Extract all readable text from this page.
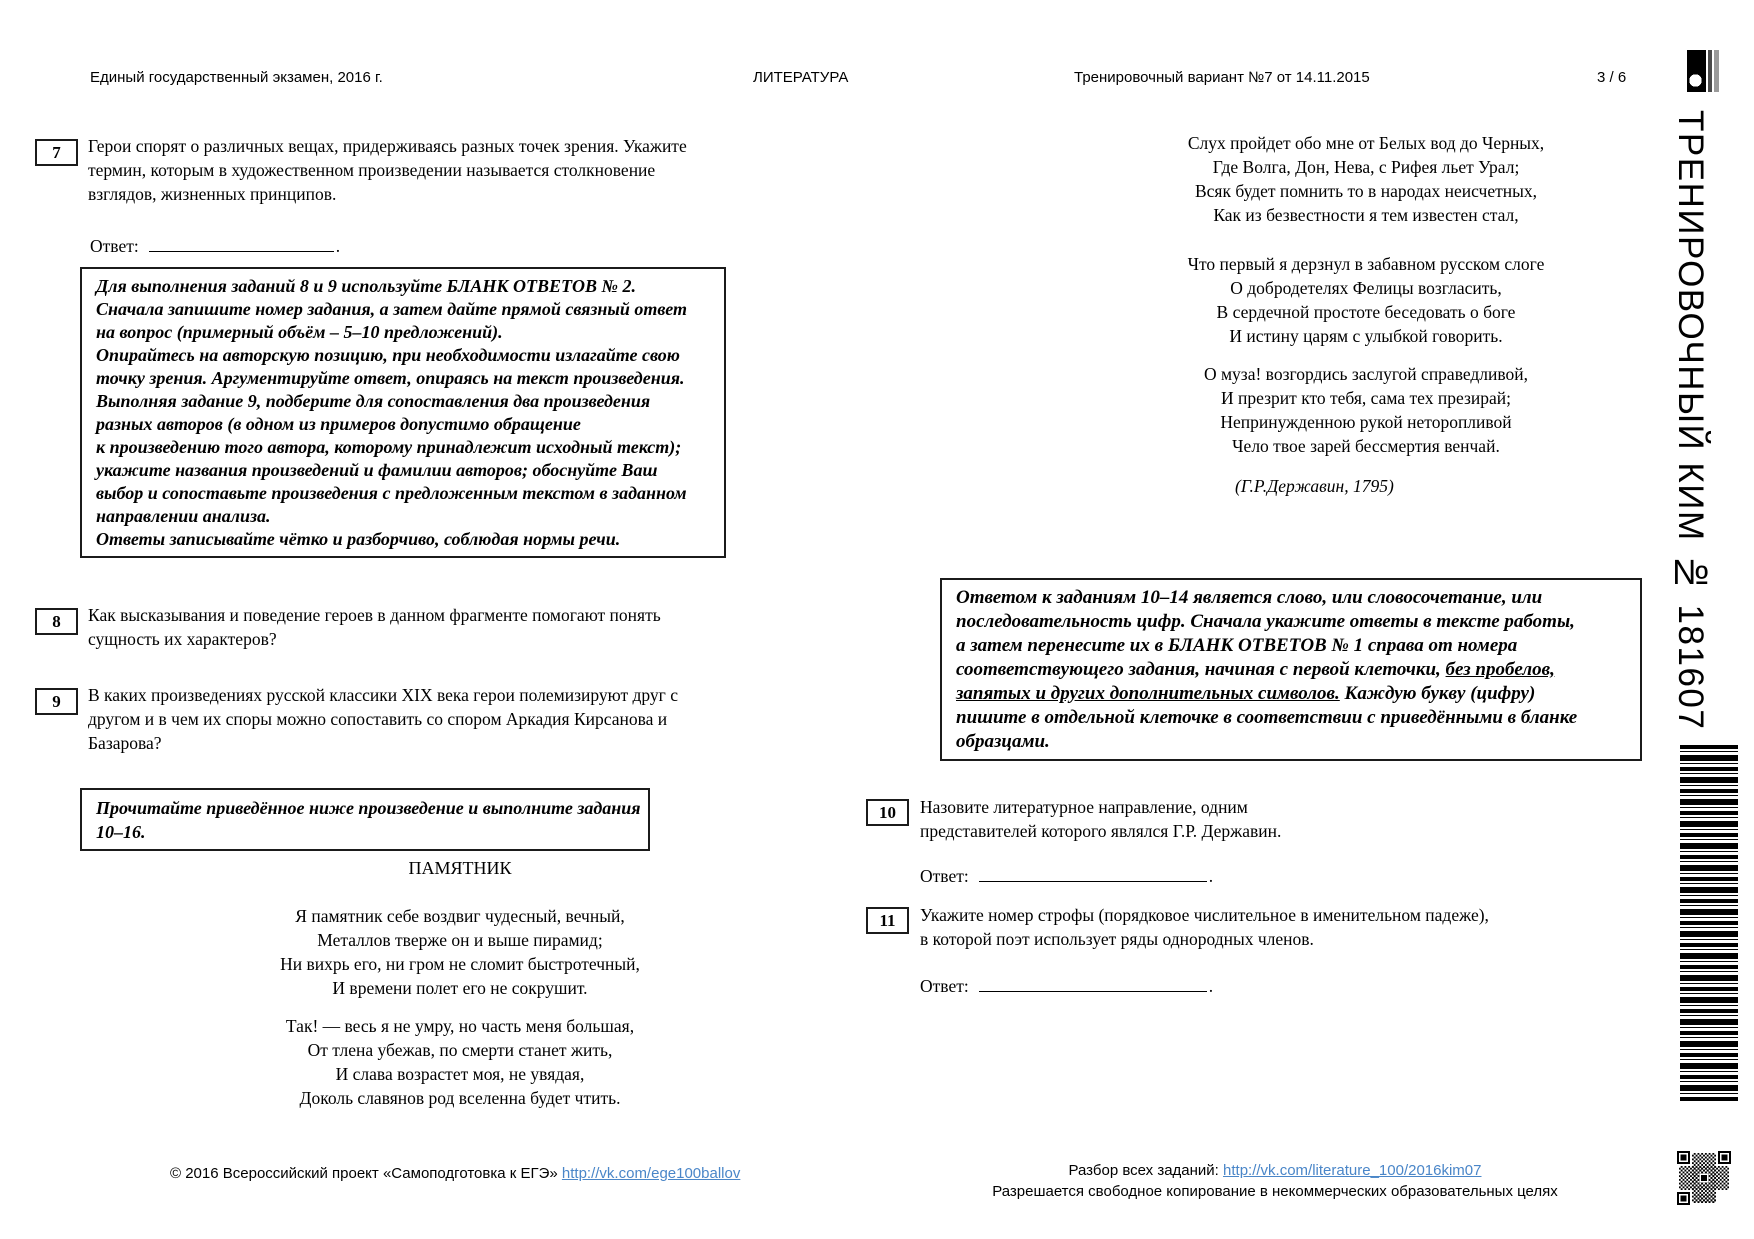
Единый государственный экзамен, 2016 г.	ЛИТЕРАТУРА	Тренировочный вариант №7 от 14.11.2015	3 / 6
ТРЕНИРОВОЧНЫЙ КИМ № 181607
7	Герои спорят о различных вещах, придерживаясь разных точек зрения. Укажите
термин, которым в художественном произведении называется столкновение
взглядов, жизненных принципов.
Ответ:	.
Для выполнения заданий 8 и 9 используйте БЛАНК ОТВЕТОВ № 2.
Сначала запишите номер задания, а затем дайте прямой связный ответ
на вопрос (примерный объём – 5–10 предложений).
Опирайтесь на авторскую позицию, при необходимости излагайте свою
точку зрения. Аргументируйте ответ, опираясь на текст произведения.
Выполняя задание 9, подберите для сопоставления два произведения
разных авторов (в одном из примеров допустимо обращение
к произведению того автора, которому принадлежит исходный текст);
укажите названия произведений и фамилии авторов; обоснуйте Ваш
выбор и сопоставьте произведения с предложенным текстом в заданном
направлении анализа.
Ответы записывайте чётко и разборчиво, соблюдая нормы речи.
8	Как высказывания и поведение героев в данном фрагменте помогают понять
сущность их характеров?
9	В каких произведениях русской классики XIX века герои полемизируют друг с
другом и в чем их споры можно сопоставить со спором Аркадия Кирсанова и
Базарова?
Прочитайте приведённое ниже произведение и выполните задания
10–16.
ПАМЯТНИК
Я памятник себе воздвиг чудесный, вечный,
Металлов тверже он и выше пирамид;
Ни вихрь его, ни гром не сломит быстротечный,
И времени полет его не сокрушит.
Так! — весь я не умру, но часть меня большая,
От тлена убежав, по смерти станет жить,
И слава возрастет моя, не увядая,
Доколь славянов род вселенна будет чтить.
© 2016 Всероссийский проект «Самоподготовка к ЕГЭ» http://vk.com/ege100ballov
Слух пройдет обо мне от Белых вод до Черных,
Где Волга, Дон, Нева, с Рифея льет Урал;
Всяк будет помнить то в народах неисчетных,
Как из безвестности я тем известен стал,
Что первый я дерзнул в забавном русском слоге
О добродетелях Фелицы возгласить,
В сердечной простоте беседовать о боге
И истину царям с улыбкой говорить.
О муза! возгордись заслугой справедливой,
И презрит кто тебя, сама тех презирай;
Непринужденною рукой неторопливой
Чело твое зарей бессмертия венчай.
(Г.Р.Державин, 1795)
Ответом к заданиям 10–14 является слово, или словосочетание, или
последовательность цифр. Сначала укажите ответы в тексте работы,
а затем перенесите их в БЛАНК ОТВЕТОВ № 1 справа от номера
соответствующего задания, начиная с первой клеточки, без пробелов,
запятых и других дополнительных символов. Каждую букву (цифру)
пишите в отдельной клеточке в соответствии с приведёнными в бланке
образцами.
10	Назовите литературное направление, одним
представителей которого являлся Г.Р. Державин.
Ответ:	.
11	Укажите номер строфы (порядковое числительное в именительном падеже),
в которой поэт использует ряды однородных членов.
Ответ:	.
Разбор всех заданий: http://vk.com/literature_100/2016kim07
Разрешается свободное копирование в некоммерческих образовательных целях
